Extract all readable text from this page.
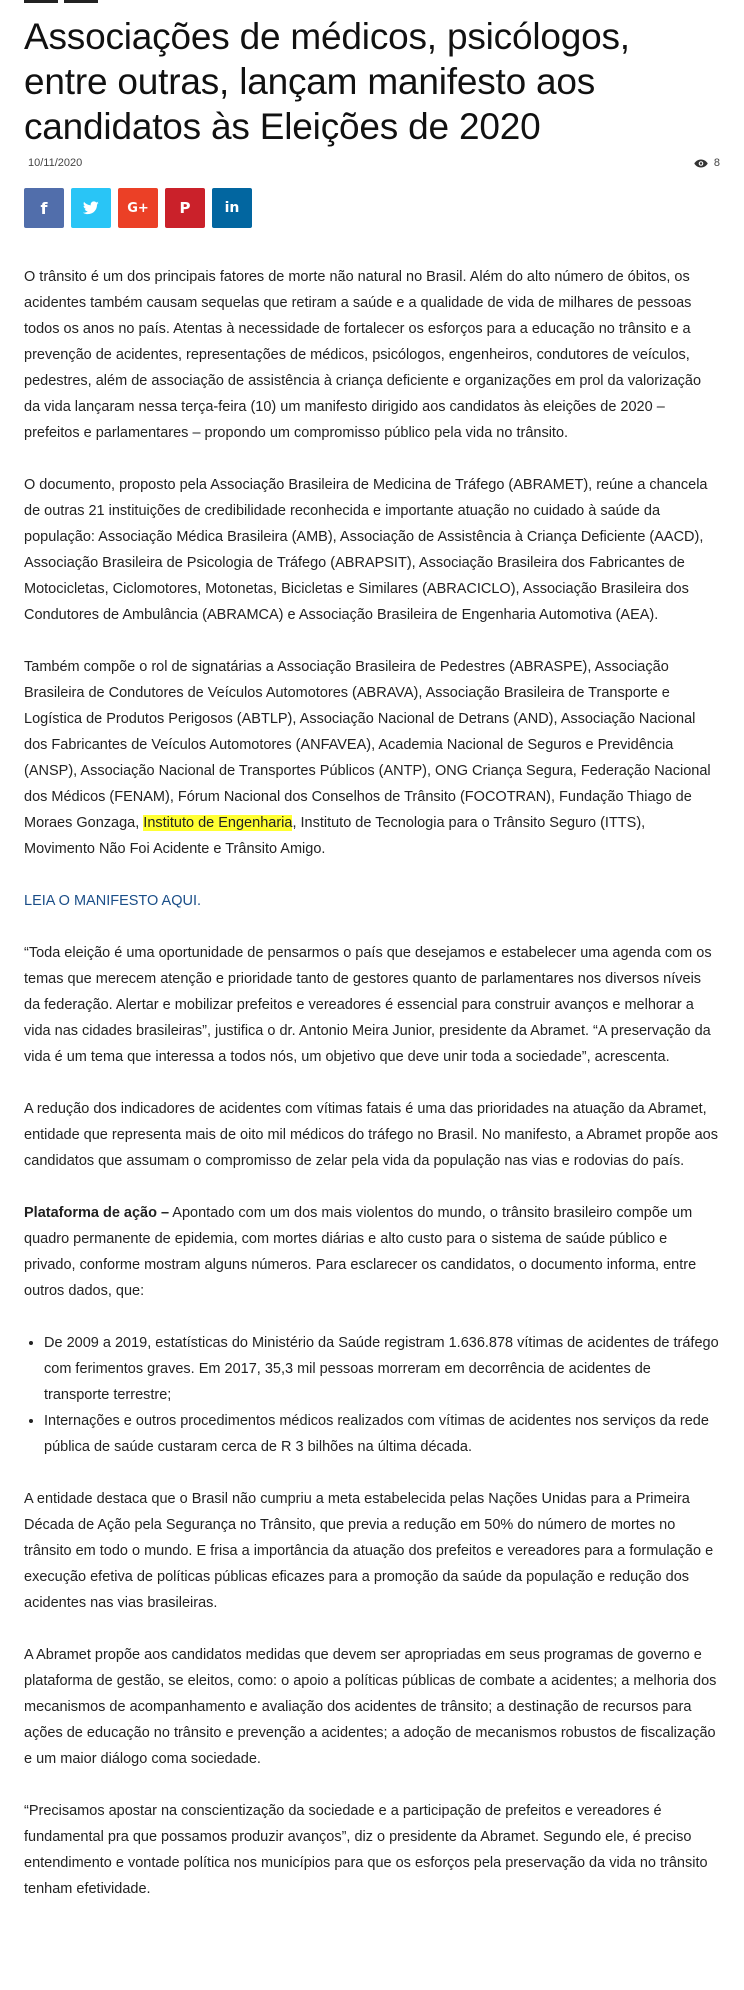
Associações de médicos, psicólogos, entre outras, lançam manifesto aos candidatos às Eleições de 2020
10/11/2020	8
f	G+ P in

O trânsito é um dos principais fatores de morte não natural no Brasil. Além do alto número de óbitos, os acidentes também causam sequelas que retiram a saúde e a qualidade de vida de milhares de pessoas todos os anos no país. Atentas à necessidade de fortalecer os esforços para a educação no trânsito e a prevenção de acidentes, representações de médicos, psicólogos, engenheiros, condutores de veículos, pedestres, além de associação de assistência à criança deficiente e organizações em prol da valorização da vida lançaram nessa terça-feira (10) um manifesto dirigido aos candidatos às eleições de 2020 – prefeitos e parlamentares – propondo um compromisso público pela vida no trânsito.

O documento, proposto pela Associação Brasileira de Medicina de Tráfego (ABRAMET), reúne a chancela de outras 21 instituições de credibilidade reconhecida e importante atuação no cuidado à saúde da população: Associação Médica Brasileira (AMB), Associação de Assistência à Criança Deficiente (AACD), Associação Brasileira de Psicologia de Tráfego (ABRAPSIT), Associação Brasileira dos Fabricantes de Motocicletas, Ciclomotores, Motonetas, Bicicletas e Similares (ABRACICLO), Associação Brasileira dos Condutores de Ambulância (ABRAMCA) e Associação Brasileira de Engenharia Automotiva (AEA).

Também compõe o rol de signatárias a Associação Brasileira de Pedestres (ABRASPE), Associação Brasileira de Condutores de Veículos Automotores (ABRAVA), Associação Brasileira de Transporte e Logística de Produtos Perigosos (ABTLP), Associação Nacional de Detrans (AND), Associação Nacional dos Fabricantes de Veículos Automotores (ANFAVEA), Academia Nacional de Seguros e Previdência (ANSP), Associação Nacional de Transportes Públicos (ANTP), ONG Criança Segura, Federação Nacional dos Médicos (FENAM), Fórum Nacional dos Conselhos de Trânsito (FOCOTRAN), Fundação Thiago de Moraes Gonzaga, Instituto de Engenharia, Instituto de Tecnologia para o Trânsito Seguro (ITTS), Movimento Não Foi Acidente e Trânsito Amigo.

LEIA O MANIFESTO AQUI.

“Toda eleição é uma oportunidade de pensarmos o país que desejamos e estabelecer uma agenda com os temas que merecem atenção e prioridade tanto de gestores quanto de parlamentares nos diversos níveis da federação. Alertar e mobilizar prefeitos e vereadores é essencial para construir avanços e melhorar a vida nas cidades brasileiras”, justifica o dr. Antonio Meira Junior, presidente da Abramet. “A preservação da vida é um tema que interessa a todos nós, um objetivo que deve unir toda a sociedade”, acrescenta.

A redução dos indicadores de acidentes com vítimas fatais é uma das prioridades na atuação da Abramet, entidade que representa mais de oito mil médicos do tráfego no Brasil. No manifesto, a Abramet propõe aos candidatos que assumam o compromisso de zelar pela vida da população nas vias e rodovias do país.

Plataforma de ação – Apontado com um dos mais violentos do mundo, o trânsito brasileiro compõe um quadro permanente de epidemia, com mortes diárias e alto custo para o sistema de saúde público e privado, conforme mostram alguns números. Para esclarecer os candidatos, o documento informa, entre outros dados, que:

• De 2009 a 2019, estatísticas do Ministério da Saúde registram 1.636.878 vítimas de acidentes de tráfego com ferimentos graves. Em 2017, 35,3 mil pessoas morreram em decorrência de acidentes de transporte terrestre;
• Internações e outros procedimentos médicos realizados com vítimas de acidentes nos serviços da rede pública de saúde custaram cerca de R 3 bilhões na última década.

A entidade destaca que o Brasil não cumpriu a meta estabelecida pelas Nações Unidas para a Primeira Década de Ação pela Segurança no Trânsito, que previa a redução em 50% do número de mortes no trânsito em todo o mundo. E frisa a importância da atuação dos prefeitos e vereadores para a formulação e execução efetiva de políticas públicas eficazes para a promoção da saúde da população e redução dos acidentes nas vias brasileiras.

A Abramet propõe aos candidatos medidas que devem ser apropriadas em seus programas de governo e plataforma de gestão, se eleitos, como: o apoio a políticas públicas de combate a acidentes; a melhoria dos mecanismos de acompanhamento e avaliação dos acidentes de trânsito; a destinação de recursos para ações de educação no trânsito e prevenção a acidentes; a adoção de mecanismos robustos de fiscalização e um maior diálogo coma sociedade.

“Precisamos apostar na conscientização da sociedade e a participação de prefeitos e vereadores é fundamental pra que possamos produzir avanços”, diz o presidente da Abramet. Segundo ele, é preciso entendimento e vontade política nos municípios para que os esforços pela preservação da vida no trânsito tenham efetividade.
